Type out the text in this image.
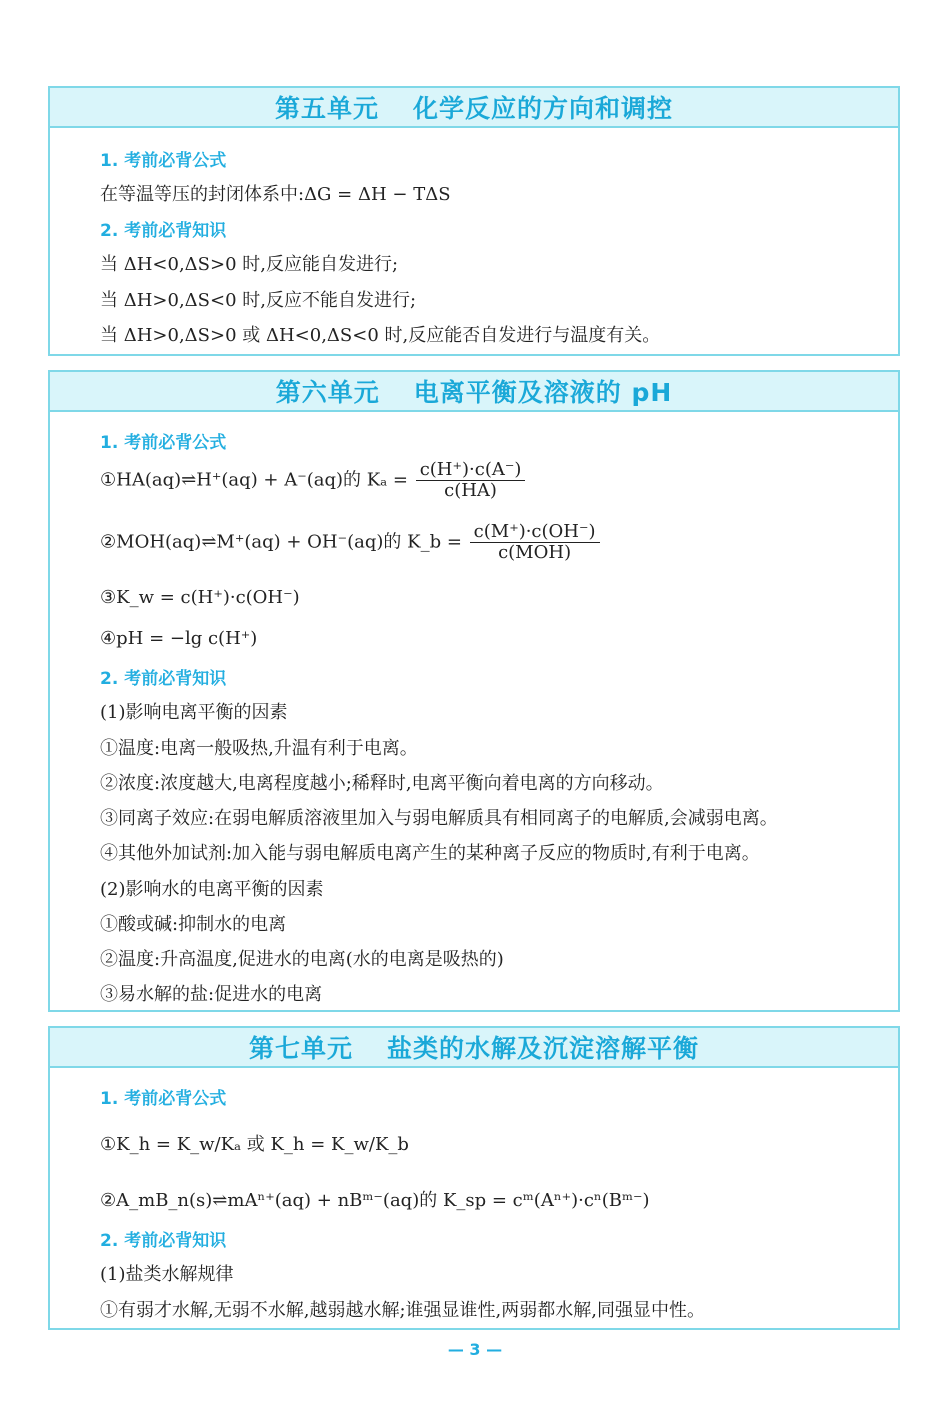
第五单元 化学反应的方向和调控
1. 考前必背公式
在等温等压的封闭体系中:ΔG = ΔH − TΔS
2. 考前必背知识
当 ΔH<0,ΔS>0 时,反应能自发进行;
当 ΔH>0,ΔS<0 时,反应不能自发进行;
当 ΔH>0,ΔS>0 或 ΔH<0,ΔS<0 时,反应能否自发进行与温度有关。
第六单元 电离平衡及溶液的 pH
1. 考前必背公式
①HA(aq)⇌H⁺(aq) + A⁻(aq)的 $K_a = \frac{c(H^+)\cdot c(A^-)}{c(HA)}$
②MOH(aq)⇌M⁺(aq) + OH⁻(aq)的 K_b = $\frac{c(M^+)\cdot c(OH^-)}{\text{c(MOH)}}$
③K_w = c(H⁺)·c(OH⁻)
④pH = −lg c(H⁺)
2. 考前必背知识
(1)影响电离平衡的因素
①温度:电离一般吸热,升温有利于电离。
②浓度:浓度越大,电离程度越小;稀释时,电离平衡向着电离的方向移动。
③同离子效应:在弱电解质溶液里加入与弱电解质具有相同离子的电解质,会减弱电离。
④其他外加试剂:加入能与弱电解质电离产生的某种离子反应的物质时,有利于电离。
(2)影响水的电离平衡的因素
①酸或碱:抑制水的电离
②温度:升高温度,促进水的电离(水的电离是吸热的)
③易水解的盐:促进水的电离
第七单元 盐类的水解及沉淀溶解平衡
1. 考前必背公式
①K_h = K_w/Kₐ 或 K_h = K_w/K_b
②A_mB_n(s)⇌mAⁿ⁺(aq) + nBᵐ⁻(aq)的 K_sp = cᵐ(Aⁿ⁺)·cⁿ(Bᵐ⁻)
2. 考前必背知识
(1)盐类水解规律
①有弱才水解,无弱不水解,越弱越水解;谁强显谁性,两弱都水解,同强显中性。
— 3 —
